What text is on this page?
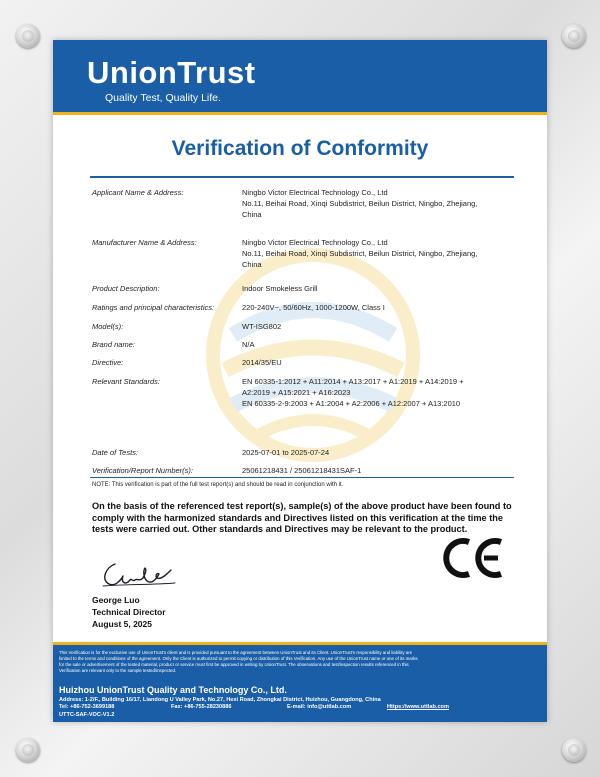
UnionTrust
Quality Test, Quality Life.
Verification of Conformity
Applicant Name & Address:	Ningbo Victor Electrical Technology Co., Ltd
No.11, Beihai Road, Xinqi Subdistrict, Beilun District, Ningbo, Zhejiang,
China
Manufacturer Name & Address:	Ningbo Victor Electrical Technology Co., Ltd
No.11, Beihai Road, Xinqi Subdistrict, Beilun District, Ningbo, Zhejiang,
China
Product Description:	Indoor Smokeless Grill
Ratings and principal characteristics:	220-240V~, 50/60Hz, 1000-1200W, Class I
Model(s):	WT-ISG802
Brand name:	N/A
Directive:	2014/35/EU
Relevant Standards:	EN 60335-1:2012 + A11:2014 + A13:2017 + A1:2019 + A14:2019 +
A2:2019 + A15:2021 + A16:2023
EN 60335-2-9:2003 + A1:2004 + A2:2006 + A12:2007 + A13:2010
Date of Tests:	2025-07-01 to 2025-07-24
Verification/Report Number(s):	25061218431 / 25061218431SAF-1
NOTE: This verification is part of the full test report(s) and should be read in conjunction with it.
On the basis of the referenced test report(s), sample(s) of the above product have been found to comply with the harmonized standards and Directives listed on this verification at the time the tests were carried out. Other standards and Directives may be relevant to the product.
George Luo
Technical Director
August 5, 2025
This Verification is for the exclusive use of UnionTrust's client and is provided pursuant to the agreement between UnionTrust and its Client. UnionTrust's responsibility and liability are
limited to the terms and conditions of the agreement. Only the Client is authorized to permit copying or distribution of this Verification. Any use of the UnionTrust name or one of its marks
for the sale or advertisement of the tested material, product or service must first be approved in writing by UnionTrust. The observations and test/inspection results referenced in this
Verification are relevant only to the sample tested/inspected.
Huizhou UnionTrust Quality and Technology Co., Ltd.
Address: 1-2/F., Building 16/17, Liandong U Valley Park, No.27, Hexi Road, Zhongkai District, Huizhou, Guangdong, China
Tel: +86-752-3699188	Fax: +86-755-28230886	E-mail: info@uttlab.com	Https://www.uttlab.com
UTTC-SAF-VOC-V1.2
